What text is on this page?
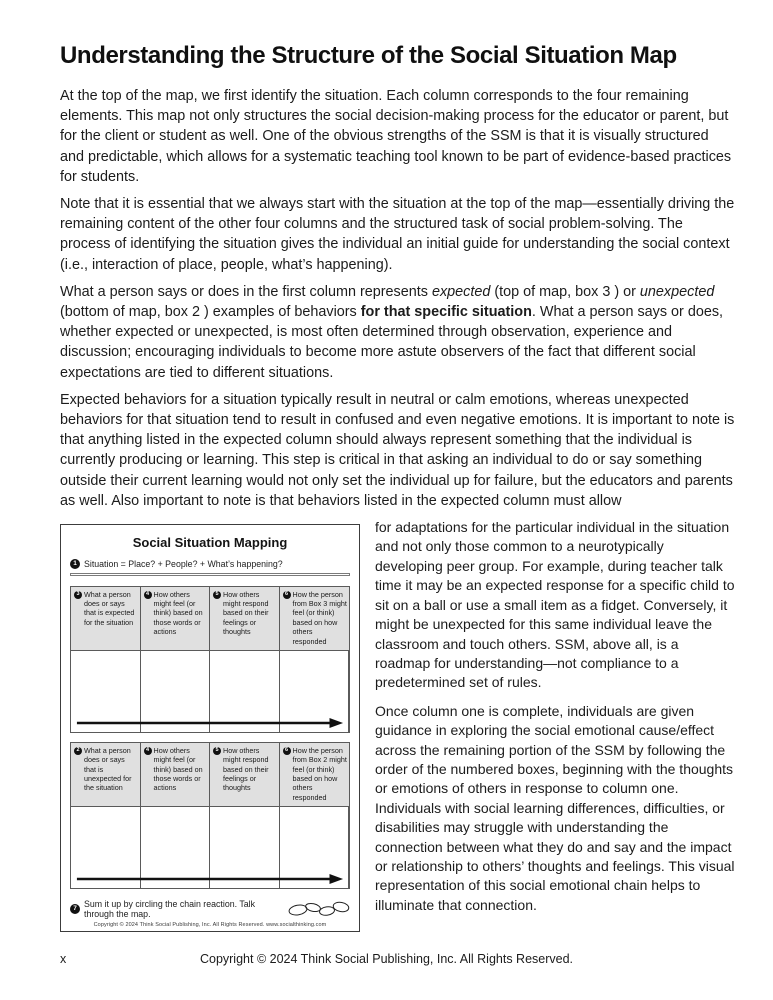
Understanding the Structure of the Social Situation Map

At the top of the map, we first identify the situation. Each column corresponds to the four remaining elements. This map not only structures the social decision-making process for the educator or parent, but for the client or student as well. One of the obvious strengths of the SSM is that it is visually structured and predictable, which allows for a systematic teaching tool known to be part of evidence-based practices for students.

Note that it is essential that we always start with the situation at the top of the map—essentially driving the remaining content of the other four columns and the structured task of social problem-solving. The process of identifying the situation gives the individual an initial guide for understanding the social context (i.e., interaction of place, people, what’s happening).

What a person says or does in the first column represents expected (top of map, box 3 ) or unexpected (bottom of map, box 2 ) examples of behaviors for that specific situation. What a person says or does, whether expected or unexpected, is most often determined through observation, experience and discussion; encouraging individuals to become more astute observers of the fact that different social expectations are tied to different situations.

Expected behaviors for a situation typically result in neutral or calm emotions, whereas unexpected behaviors for that situation tend to result in confused and even negative emotions. It is important to note is that anything listed in the expected column should always represent something that the individual is currently producing or learning. This step is critical in that asking an individual to do or say something outside their current learning would not only set the individual up for failure, but the educators and parents as well. Also important to note is that behaviors listed in the expected column must allow

Social Situation Mapping
1 Situation = Place? + People? + What’s happening?
3 What a person does or says that is expected for the situation
4 How others might feel (or think) based on those words or actions
5 How others might respond based on their feelings or thoughts
6 How the person from Box 3 might feel (or think) based on how others responded
2 What a person does or says that is unexpected for the situation
4 How others might feel (or think) based on those words or actions
5 How others might respond based on their feelings or thoughts
6 How the person from Box 2 might feel (or think) based on how others responded
7 Sum it up by circling the chain reaction. Talk through the map.
Copyright © 2024 Think Social Publishing, Inc. All Rights Reserved. www.socialthinking.com

for adaptations for the particular individual in the situation and not only those common to a neurotypically developing peer group. For example, during teacher talk time it may be an expected response for a specific child to sit on a ball or use a small item as a fidget. Conversely, it might be unexpected for this same individual leave the classroom and touch others. SSM, above all, is a roadmap for understanding—not compliance to a predetermined set of rules.

Once column one is complete, individuals are given guidance in exploring the social emotional cause/effect across the remaining portion of the SSM by following the order of the numbered boxes, beginning with the thoughts or emotions of others in response to column one. Individuals with social learning differences, difficulties, or disabilities may struggle with understanding the connection between what they do and say and the impact or relationship to others’ thoughts and feelings. This visual representation of this social emotional chain helps to illuminate that connection.

x	Copyright © 2024 Think Social Publishing, Inc. All Rights Reserved.
